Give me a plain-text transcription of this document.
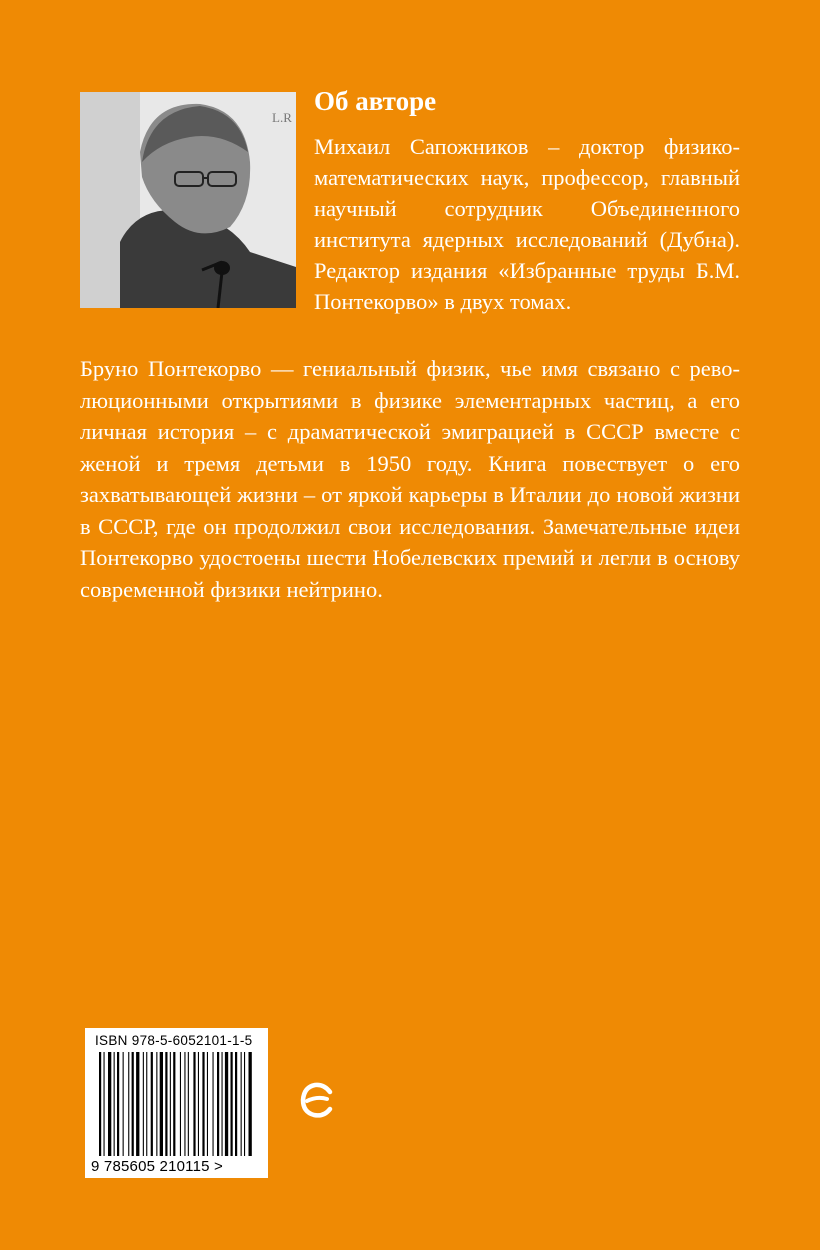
L.R
Об авторе

Михаил Сапожников – доктор физико-математических наук, профессор, главный научный сотрудник Объединенного института ядерных исследований (Дубна). Редактор издания «Избранные труды Б.М. Понтекорво» в двух томах.

Бруно Понтекорво — гениальный физик, чье имя связано с революционными открытиями в физике элементарных частиц, а его личная история – с драматической эмиграцией в СССР вместе с женой и тремя детьми в 1950 году. Книга повествует о его захватывающей жизни – от яркой карьеры в Италии до новой жизни в СССР, где он продолжил свои исследования. Замечательные идеи Понтекорво удостоены шести Нобелевских премий и легли в основу современной физики нейтрино.

ISBN 978-5-6052101-1-5
9 785605 210115 >
